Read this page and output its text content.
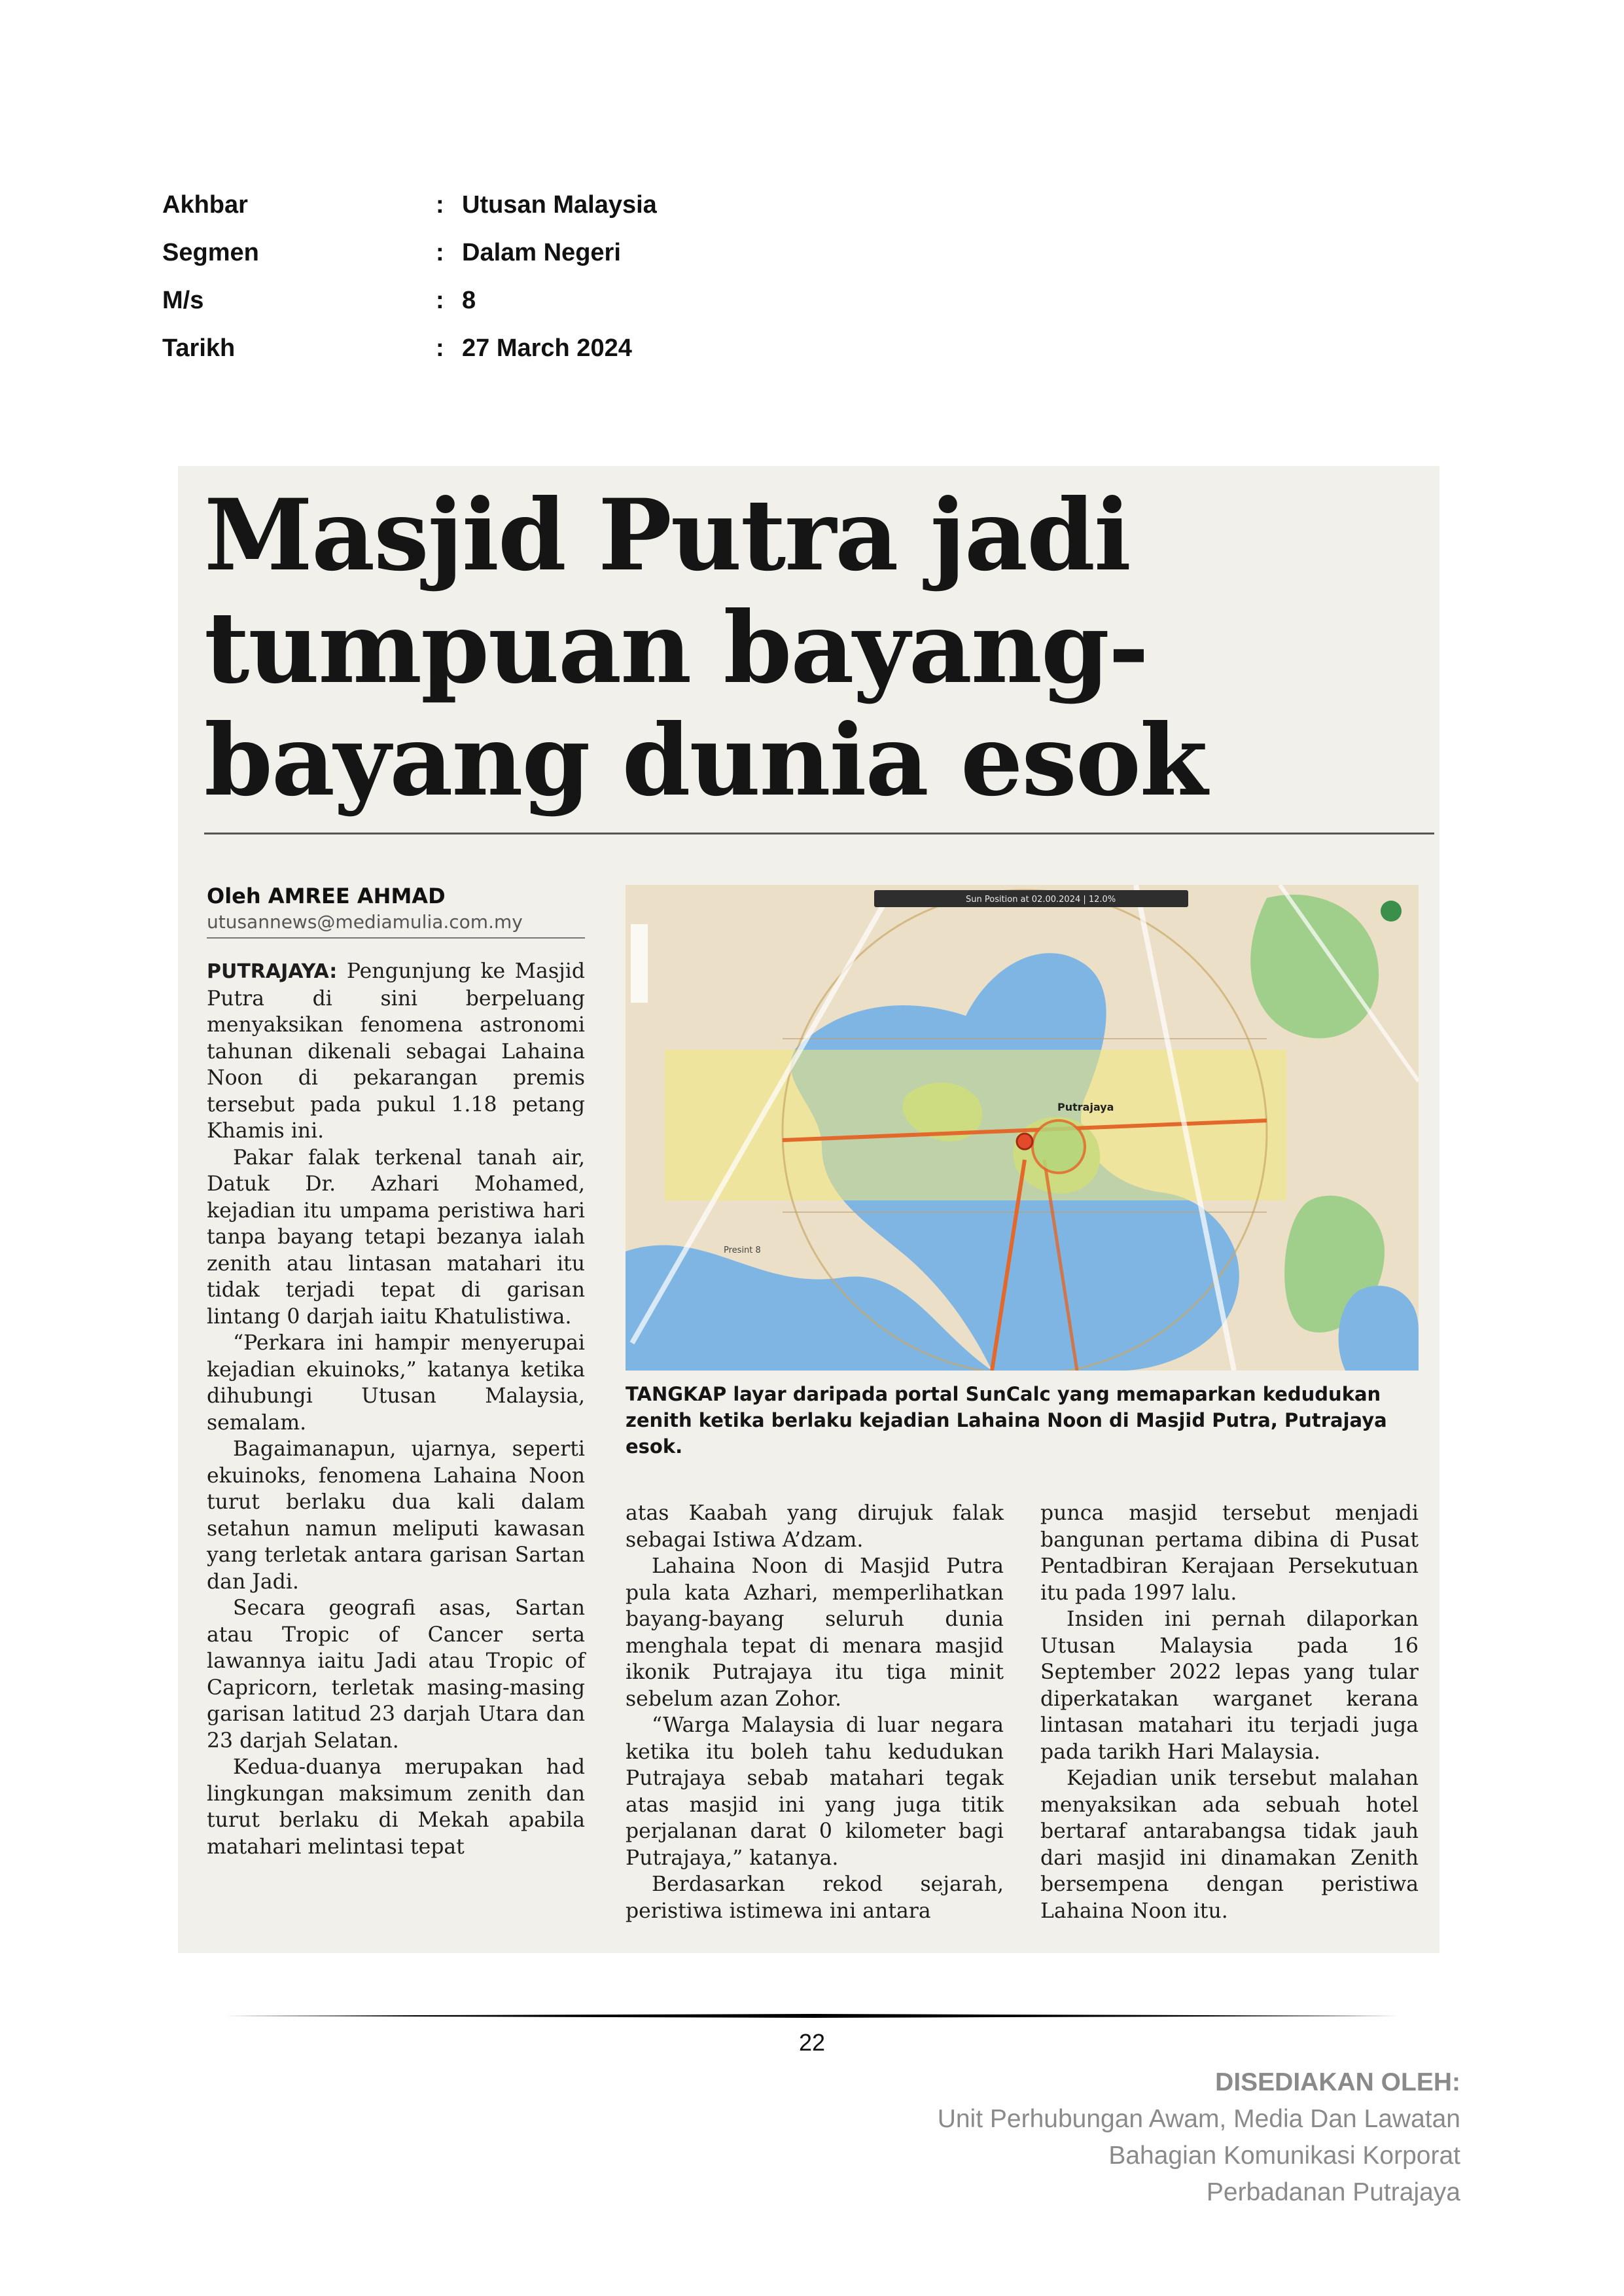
Akhbar	: Utusan Malaysia
Segmen	: Dalam Negeri
M/s	: 8
Tarikh	: 27 March 2024
Masjid Putra jadi
tumpuan bayang-
bayang dunia esok
Oleh AMREE AHMAD
utusannews@mediamulia.com.my

PUTRAJAYA: Pengunjung ke Masjid Putra di sini berpeluang menyaksikan fenomena astronomi tahunan dikenali sebagai Lahaina Noon di pekarangan premis tersebut pada pukul 1.18 petang Khamis ini.

Pakar falak terkenal tanah air, Datuk Dr. Azhari Mohamed, kejadian itu umpama peristiwa hari tanpa bayang tetapi bezanya ialah zenith atau lintasan matahari itu tidak terjadi tepat di garisan lintang 0 darjah iaitu Khatulistiwa.

“Perkara ini hampir menyerupai kejadian ekuinoks,” katanya ketika dihubungi Utusan Malaysia, semalam.

Bagaimanapun, ujarnya, seperti ekuinoks, fenomena Lahaina Noon turut berlaku dua kali dalam setahun namun meliputi kawasan yang terletak antara garisan Sartan dan Jadi.

Secara geografi asas, Sartan atau Tropic of Cancer serta lawannya iaitu Jadi atau Tropic of Capricorn, terletak masing-masing garisan latitud 23 darjah Utara dan 23 darjah Selatan.

Kedua-duanya merupakan had lingkungan maksimum zenith dan turut berlaku di Mekah apabila matahari melintasi tepat

Sun Position at 02.00.2024 | 12.0%
Putrajaya
Presint 8
TANGKAP layar daripada portal SunCalc yang memaparkan kedudukan zenith ketika berlaku kejadian Lahaina Noon di Masjid Putra, Putrajaya esok.

atas Kaabah yang dirujuk falak sebagai Istiwa A’dzam.

Lahaina Noon di Masjid Putra pula kata Azhari, memperlihatkan bayang-bayang seluruh dunia menghala tepat di menara masjid ikonik Putrajaya itu tiga minit sebelum azan Zohor.

“Warga Malaysia di luar negara ketika itu boleh tahu kedudukan Putrajaya sebab matahari tegak atas masjid ini yang juga titik perjalanan darat 0 kilometer bagi Putrajaya,” katanya.

Berdasarkan rekod sejarah, peristiwa istimewa ini antara

punca masjid tersebut menjadi bangunan pertama dibina di Pusat Pentadbiran Kerajaan Persekutuan itu pada 1997 lalu.

Insiden ini pernah dilaporkan Utusan Malaysia pada 16 September 2022 lepas yang tular diperkatakan warganet kerana lintasan matahari itu terjadi juga pada tarikh Hari Malaysia.

Kejadian unik tersebut malahan menyaksikan ada sebuah hotel bertaraf antarabangsa tidak jauh dari masjid ini dinamakan Zenith bersempena dengan peristiwa Lahaina Noon itu.

22
DISEDIAKAN OLEH:
Unit Perhubungan Awam, Media Dan Lawatan
Bahagian Komunikasi Korporat
Perbadanan Putrajaya
